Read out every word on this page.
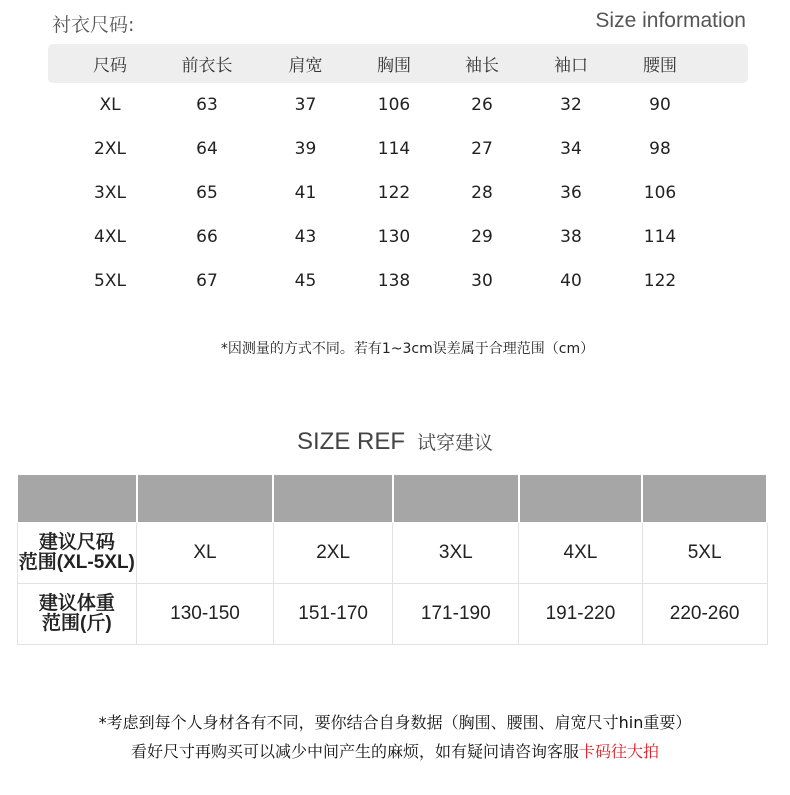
衬衣尺码:	Size information
尺码	前衣长	肩宽	胸围	袖长	袖口	腰围
XL	63	37	106	26	32	90
2XL	64	39	114	27	34	98
3XL	65	41	122	28	36	106
4XL	66	43	130	29	38	114
5XL	67	45	138	30	40	122
*因测量的方式不同。若有1~3cm误差属于合理范围（cm）
SIZE REF 试穿建议

建议尺码
范围(XL-5XL)	XL	2XL	3XL	4XL	5XL

建议体重
范围(斤)	130-150	151-170	171-190	191-220	220-260
*考虑到每个人身材各有不同，要你结合自身数据（胸围、腰围、肩宽尺寸hin重要）
看好尺寸再购买可以减少中间产生的麻烦，如有疑问请咨询客服卡码往大拍
